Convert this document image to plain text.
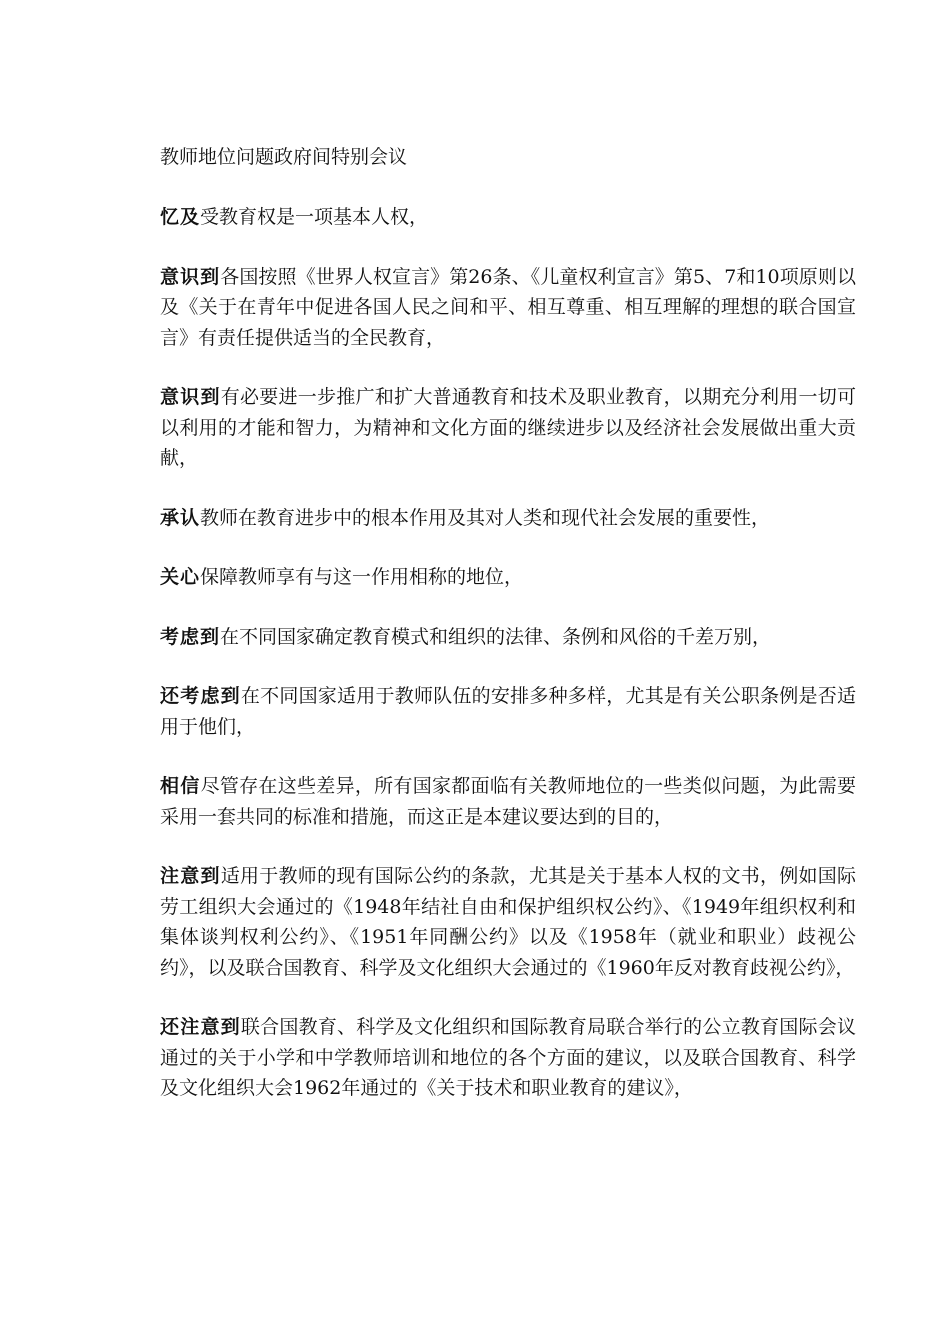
教师地位问题政府间特别会议

忆及受教育权是一项基本人权，

意识到各国按照《世界人权宣言》第26条、《儿童权利宣言》第5、7和10项原则以及《关于在青年中促进各国人民之间和平、相互尊重、相互理解的理想的联合国宣言》有责任提供适当的全民教育，

意识到有必要进一步推广和扩大普通教育和技术及职业教育，以期充分利用一切可以利用的才能和智力，为精神和文化方面的继续进步以及经济社会发展做出重大贡献，

承认教师在教育进步中的根本作用及其对人类和现代社会发展的重要性，

关心保障教师享有与这一作用相称的地位，

考虑到在不同国家确定教育模式和组织的法律、条例和风俗的千差万别，

还考虑到在不同国家适用于教师队伍的安排多种多样，尤其是有关公职条例是否适用于他们，

相信尽管存在这些差异，所有国家都面临有关教师地位的一些类似问题，为此需要采用一套共同的标准和措施，而这正是本建议要达到的目的，

注意到适用于教师的现有国际公约的条款，尤其是关于基本人权的文书，例如国际劳工组织大会通过的《1948年结社自由和保护组织权公约》、《1949年组织权利和集体谈判权利公约》、《1951年同酬公约》以及《1958年（就业和职业）歧视公约》，以及联合国教育、科学及文化组织大会通过的《1960年反对教育歧视公约》，

还注意到联合国教育、科学及文化组织和国际教育局联合举行的公立教育国际会议通过的关于小学和中学教师培训和地位的各个方面的建议，以及联合国教育、科学及文化组织大会1962年通过的《关于技术和职业教育的建议》，
